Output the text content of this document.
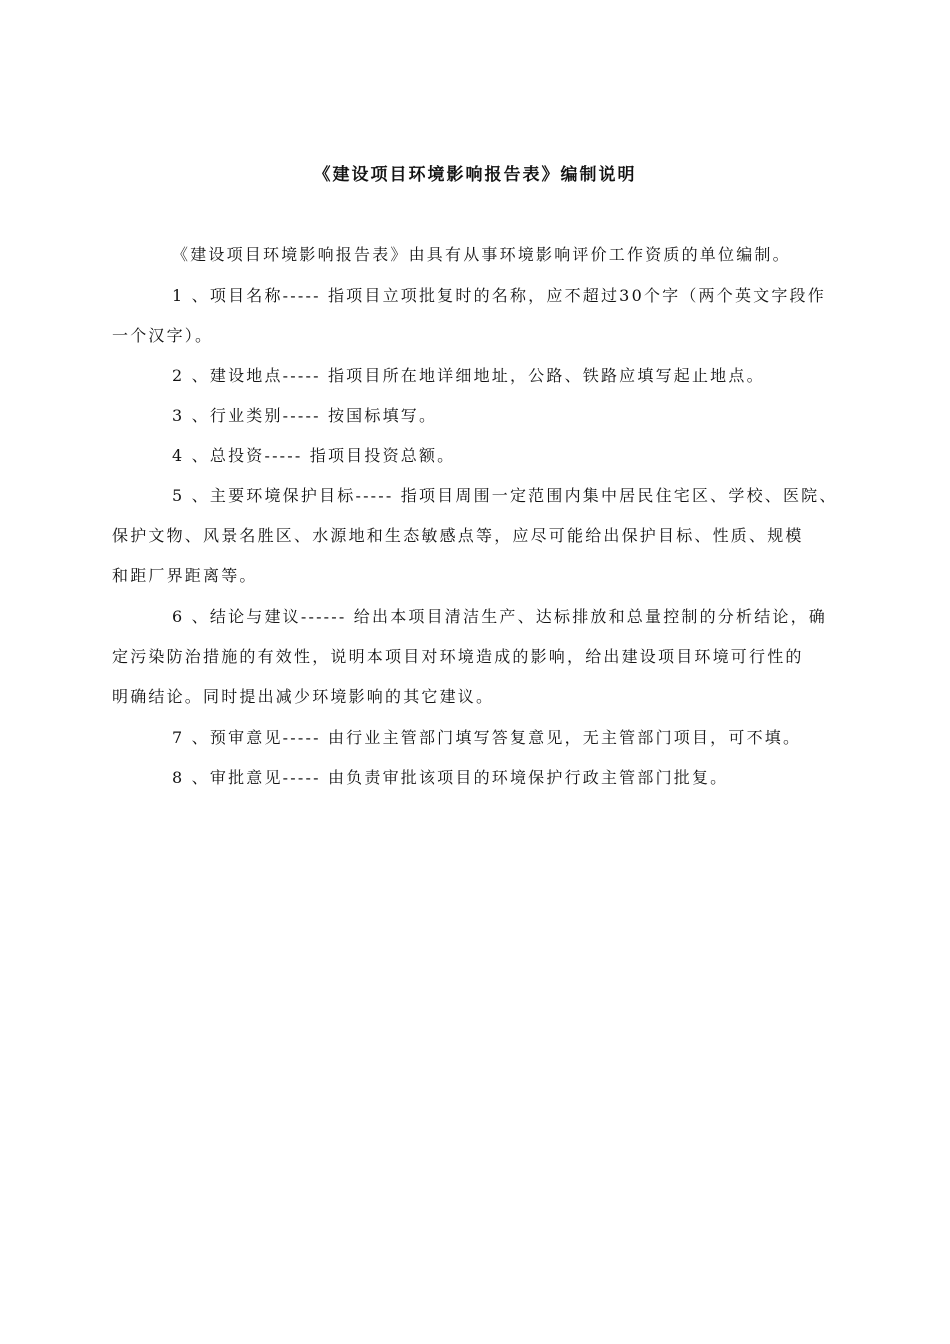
《建设项目环境影响报告表》编制说明
《建设项目环境影响报告表》由具有从事环境影响评价工作资质的单位编制。
1 、项目名称----- 指项目立项批复时的名称，应不超过30个字（两个英文字段作
一个汉字）。
2 、建设地点----- 指项目所在地详细地址，公路、铁路应填写起止地点。
3 、行业类别----- 按国标填写。
4 、总投资----- 指项目投资总额。
5 、主要环境保护目标----- 指项目周围一定范围内集中居民住宅区、学校、医院、
保护文物、风景名胜区、水源地和生态敏感点等，应尽可能给出保护目标、性质、规模
和距厂界距离等。
6 、结论与建议------ 给出本项目清洁生产、达标排放和总量控制的分析结论，确
定污染防治措施的有效性，说明本项目对环境造成的影响，给出建设项目环境可行性的
明确结论。同时提出减少环境影响的其它建议。
7 、预审意见----- 由行业主管部门填写答复意见，无主管部门项目，可不填。
8 、审批意见----- 由负责审批该项目的环境保护行政主管部门批复。
